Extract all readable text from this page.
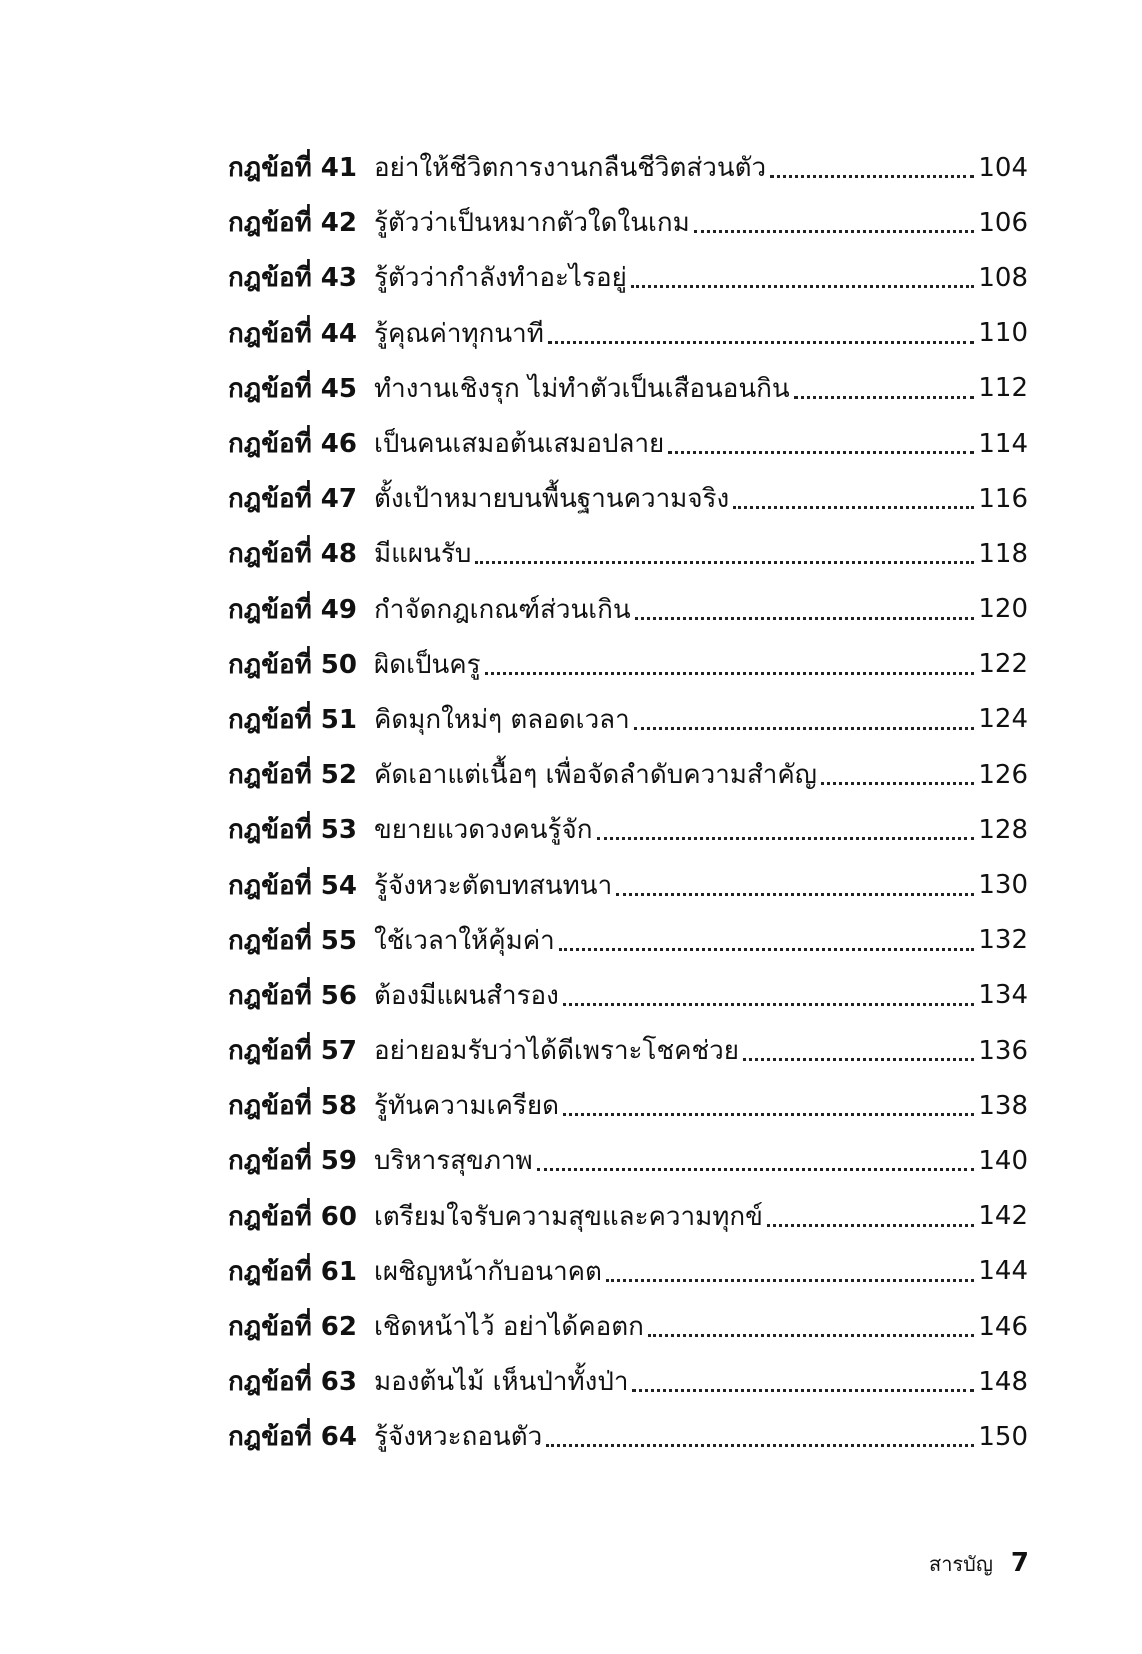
กฎข้อที่ 41 อย่าให้ชีวิตการงานกลืนชีวิตส่วนตัว	104
กฎข้อที่ 42 รู้ตัวว่าเป็นหมากตัวใดในเกม	106
กฎข้อที่ 43 รู้ตัวว่ากำลังทำอะไรอยู่	108
กฎข้อที่ 44 รู้คุณค่าทุกนาที	110
กฎข้อที่ 45 ทำงานเชิงรุก ไม่ทำตัวเป็นเสือนอนกิน	112
กฎข้อที่ 46 เป็นคนเสมอต้นเสมอปลาย	114
กฎข้อที่ 47 ตั้งเป้าหมายบนพื้นฐานความจริง	116
กฎข้อที่ 48 มีแผนรับ	118
กฎข้อที่ 49 กำจัดกฎเกณฑ์ส่วนเกิน	120
กฎข้อที่ 50 ผิดเป็นครู	122
กฎข้อที่ 51 คิดมุกใหม่ๆ ตลอดเวลา	124
กฎข้อที่ 52 คัดเอาแต่เนื้อๆ เพื่อจัดลำดับความสำคัญ	126
กฎข้อที่ 53 ขยายแวดวงคนรู้จัก	128
กฎข้อที่ 54 รู้จังหวะตัดบทสนทนา	130
กฎข้อที่ 55 ใช้เวลาให้คุ้มค่า	132
กฎข้อที่ 56 ต้องมีแผนสำรอง	134
กฎข้อที่ 57 อย่ายอมรับว่าได้ดีเพราะโชคช่วย	136
กฎข้อที่ 58 รู้ทันความเครียด	138
กฎข้อที่ 59 บริหารสุขภาพ	140
กฎข้อที่ 60 เตรียมใจรับความสุขและความทุกข์	142
กฎข้อที่ 61 เผชิญหน้ากับอนาคต	144
กฎข้อที่ 62 เชิดหน้าไว้ อย่าได้คอตก	146
กฎข้อที่ 63 มองต้นไม้ เห็นป่าทั้งป่า	148
กฎข้อที่ 64 รู้จังหวะถอนตัว	150
สารบัญ 7
